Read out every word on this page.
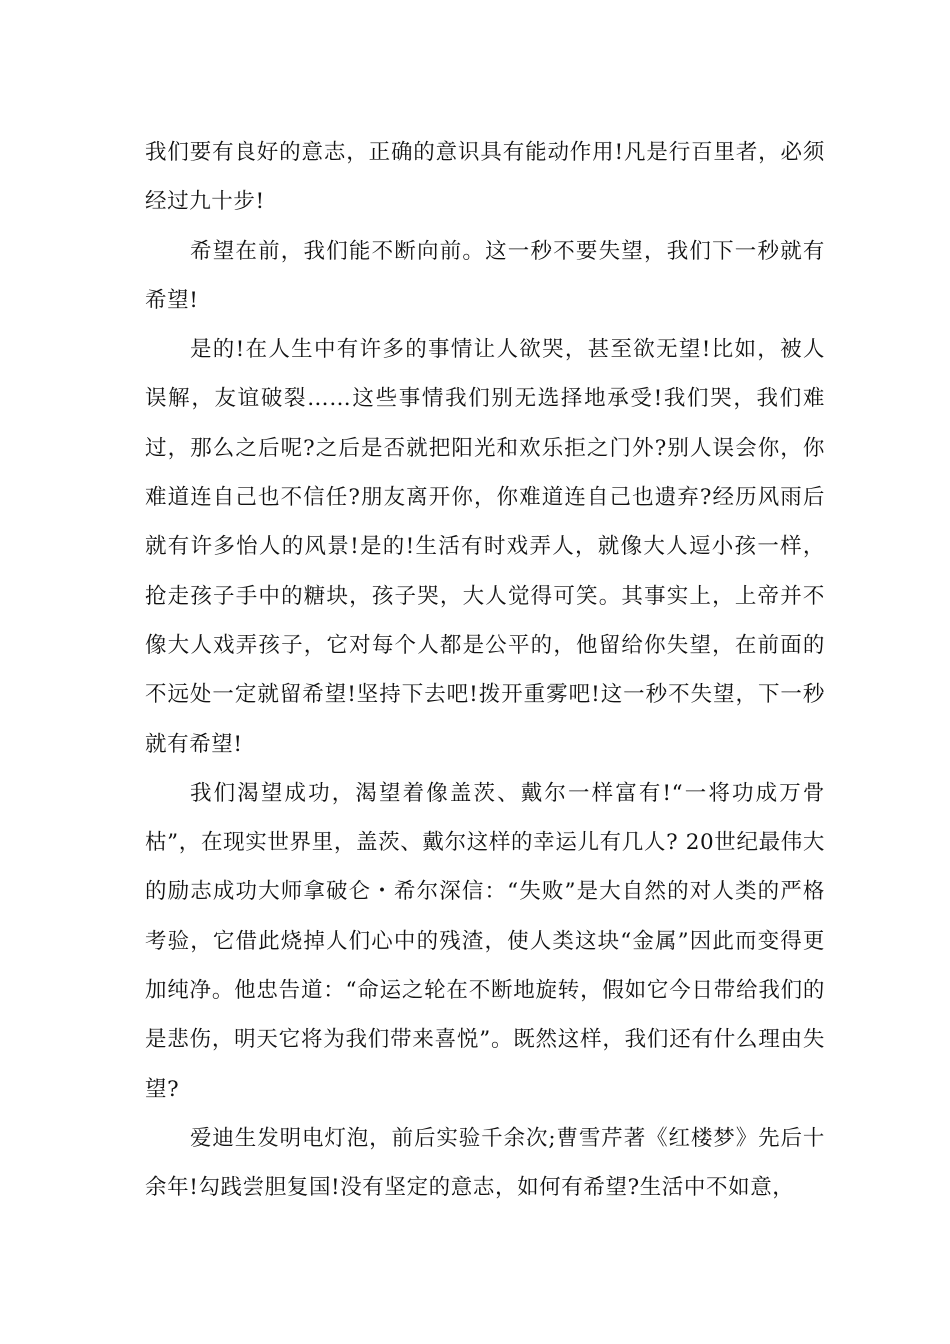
我们要有良好的意志，正确的意识具有能动作用!凡是行百里者，必须经过九十步!

希望在前，我们能不断向前。这一秒不要失望，我们下一秒就有希望!

是的!在人生中有许多的事情让人欲哭，甚至欲无望!比如，被人误解，友谊破裂……这些事情我们别无选择地承受!我们哭，我们难过，那么之后呢?之后是否就把阳光和欢乐拒之门外?别人误会你，你难道连自己也不信任?朋友离开你，你难道连自己也遗弃?经历风雨后就有许多怡人的风景!是的!生活有时戏弄人，就像大人逗小孩一样，抢走孩子手中的糖块，孩子哭，大人觉得可笑。其事实上，上帝并不像大人戏弄孩子，它对每个人都是公平的，他留给你失望，在前面的不远处一定就留希望!坚持下去吧!拨开重雾吧!这一秒不失望，下一秒就有希望!

我们渴望成功，渴望着像盖茨、戴尔一样富有!“一将功成万骨枯”，在现实世界里，盖茨、戴尔这样的幸运儿有几人? 20世纪最伟大的励志成功大师拿破仑・希尔深信：“失败”是大自然的对人类的严格考验，它借此烧掉人们心中的残渣，使人类这块“金属”因此而变得更加纯净。他忠告道：“命运之轮在不断地旋转，假如它今日带给我们的是悲伤，明天它将为我们带来喜悦”。既然这样，我们还有什么理由失望?

爱迪生发明电灯泡，前后实验千余次;曹雪芹著《红楼梦》先后十余年!勾践尝胆复国!没有坚定的意志，如何有希望?生活中不如意，
